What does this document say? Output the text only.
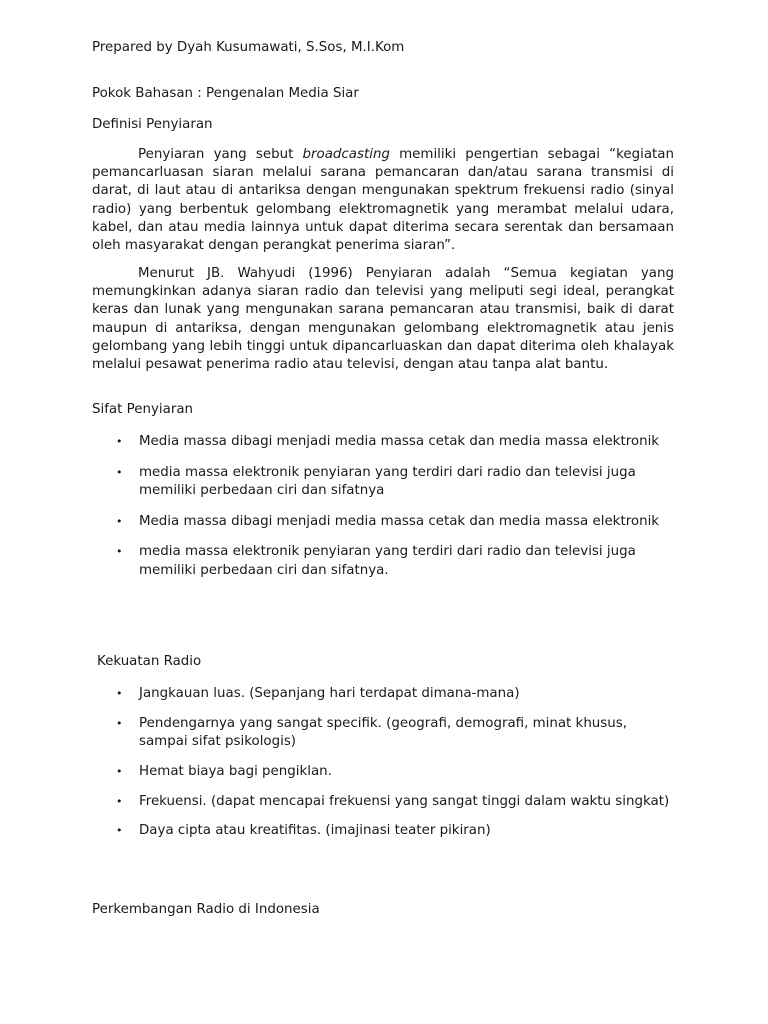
Prepared by Dyah Kusumawati, S.Sos, M.I.Kom
Pokok Bahasan : Pengenalan Media Siar
Definisi Penyiaran

Penyiaran yang sebut broadcasting memiliki pengertian sebagai “kegiatan pemancarluasan siaran melalui sarana pemancaran dan/atau sarana transmisi di darat, di laut atau di antariksa dengan mengunakan spektrum frekuensi radio (sinyal radio) yang berbentuk gelombang elektromagnetik yang merambat melalui udara, kabel, dan atau media lainnya untuk dapat diterima secara serentak dan bersamaan oleh masyarakat dengan perangkat penerima siaran”.

Menurut JB. Wahyudi (1996) Penyiaran adalah “Semua kegiatan yang memungkinkan adanya siaran radio dan televisi yang meliputi segi ideal, perangkat keras dan lunak yang mengunakan sarana pemancaran atau transmisi, baik di darat maupun di antariksa, dengan mengunakan gelombang elektromagnetik atau jenis gelombang yang lebih tinggi untuk dipancarluaskan dan dapat diterima oleh khalayak melalui pesawat penerima radio atau televisi, dengan atau tanpa alat bantu.

Sifat Penyiaran
• Media massa dibagi menjadi media massa cetak dan media massa elektronik
• media massa elektronik penyiaran yang terdiri dari radio dan televisi juga memiliki perbedaan ciri dan sifatnya
• Media massa dibagi menjadi media massa cetak dan media massa elektronik
• media massa elektronik penyiaran yang terdiri dari radio dan televisi juga memiliki perbedaan ciri dan sifatnya.
Kekuatan Radio
• Jangkauan luas. (Sepanjang hari terdapat dimana-mana)
• Pendengarnya yang sangat specifik. (geografi, demografi, minat khusus, sampai sifat psikologis)
• Hemat biaya bagi pengiklan.
• Frekuensi. (dapat mencapai frekuensi yang sangat tinggi dalam waktu singkat)
• Daya cipta atau kreatifitas. (imajinasi teater pikiran)
Perkembangan Radio di Indonesia
